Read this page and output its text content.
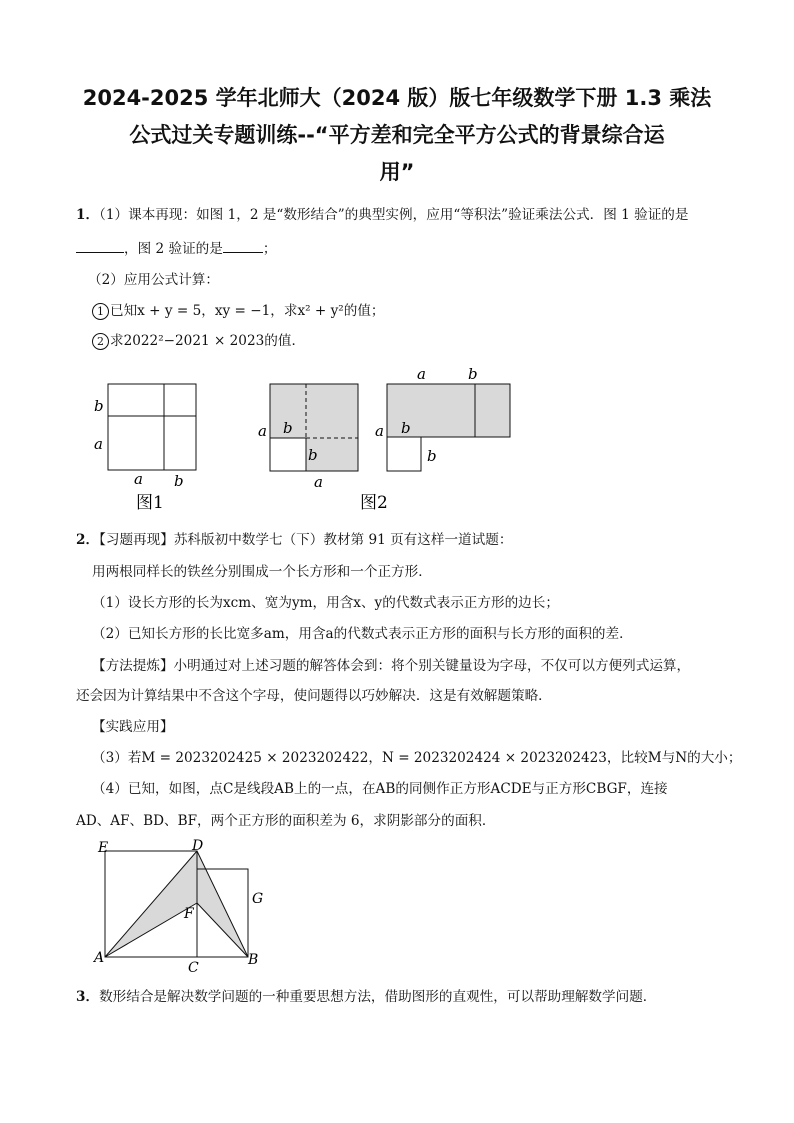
2024-2025 学年北师大（2024 版）版七年级数学下册 1.3 乘法
公式过关专题训练--“平方差和完全平方公式的背景综合运
用”
1．（1）课本再现：如图 1，2 是“数形结合”的典型实例，应用“等积法”验证乘法公式．图 1 验证的是
，图 2 验证的是	；
（2）应用公式计算：
1 已知x + y = 5，xy = −1，求x² + y²的值；
2 求2022²−2021 × 2023的值．
b
a
a b
图1
a b
b
a
a	b
a b
b
图2
2．【习题再现】苏科版初中数学七（下）教材第 91 页有这样一道试题：
用两根同样长的铁丝分别围成一个长方形和一个正方形．
（1）设长方形的长为xcm、宽为ym，用含x、y的代数式表示正方形的边长；
（2）已知长方形的长比宽多am，用含a的代数式表示正方形的面积与长方形的面积的差．
【方法提炼】小明通过对上述习题的解答体会到：将个别关键量设为字母，不仅可以方便列式运算，
还会因为计算结果中不含这个字母，使问题得以巧妙解决．这是有效解题策略．
【实践应用】
（3）若M = 2023202425 × 2023202422，N = 2023202424 × 2023202423，比较M与N的大小；
（4）已知，如图，点C是线段AB上的一点，在AB的同侧作正方形ACDE与正方形CBGF，连接
AD、AF、BD、BF，两个正方形的面积差为 6，求阴影部分的面积．
E	D
G
F
A
C	B
3．数形结合是解决数学问题的一种重要思想方法，借助图形的直观性，可以帮助理解数学问题．
